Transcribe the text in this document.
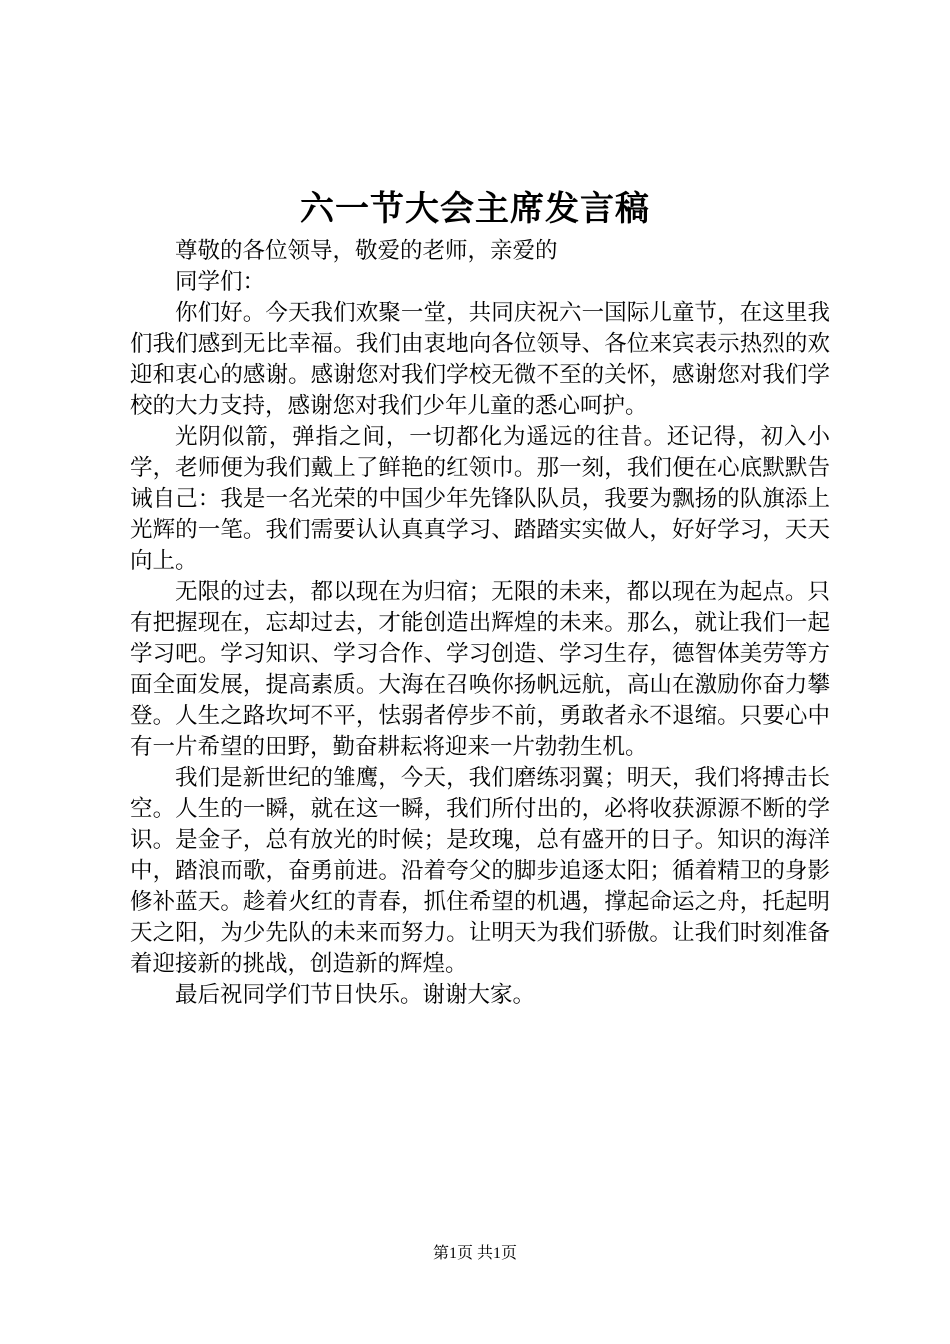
六一节大会主席发言稿

尊敬的各位领导，敬爱的老师，亲爱的

同学们：

你们好。今天我们欢聚一堂，共同庆祝六一国际儿童节，在这里我们我们感到无比幸福。我们由衷地向各位领导、各位来宾表示热烈的欢迎和衷心的感谢。感谢您对我们学校无微不至的关怀，感谢您对我们学校的大力支持，感谢您对我们少年儿童的悉心呵护。

光阴似箭，弹指之间，一切都化为遥远的往昔。还记得，初入小学，老师便为我们戴上了鲜艳的红领巾。那一刻，我们便在心底默默告诫自己：我是一名光荣的中国少年先锋队队员，我要为飘扬的队旗添上光辉的一笔。我们需要认认真真学习、踏踏实实做人，好好学习，天天向上。

无限的过去，都以现在为归宿；无限的未来，都以现在为起点。只有把握现在，忘却过去，才能创造出辉煌的未来。那么，就让我们一起学习吧。学习知识、学习合作、学习创造、学习生存，德智体美劳等方面全面发展，提高素质。大海在召唤你扬帆远航，高山在激励你奋力攀登。人生之路坎坷不平，怯弱者停步不前，勇敢者永不退缩。只要心中有一片希望的田野，勤奋耕耘将迎来一片勃勃生机。

我们是新世纪的雏鹰，今天，我们磨练羽翼；明天，我们将搏击长空。人生的一瞬，就在这一瞬，我们所付出的，必将收获源源不断的学识。是金子，总有放光的时候；是玫瑰，总有盛开的日子。知识的海洋中，踏浪而歌，奋勇前进。沿着夸父的脚步追逐太阳；循着精卫的身影修补蓝天。趁着火红的青春，抓住希望的机遇，撑起命运之舟，托起明天之阳，为少先队的未来而努力。让明天为我们骄傲。让我们时刻准备着迎接新的挑战，创造新的辉煌。

最后祝同学们节日快乐。谢谢大家。

第1页 共1页
